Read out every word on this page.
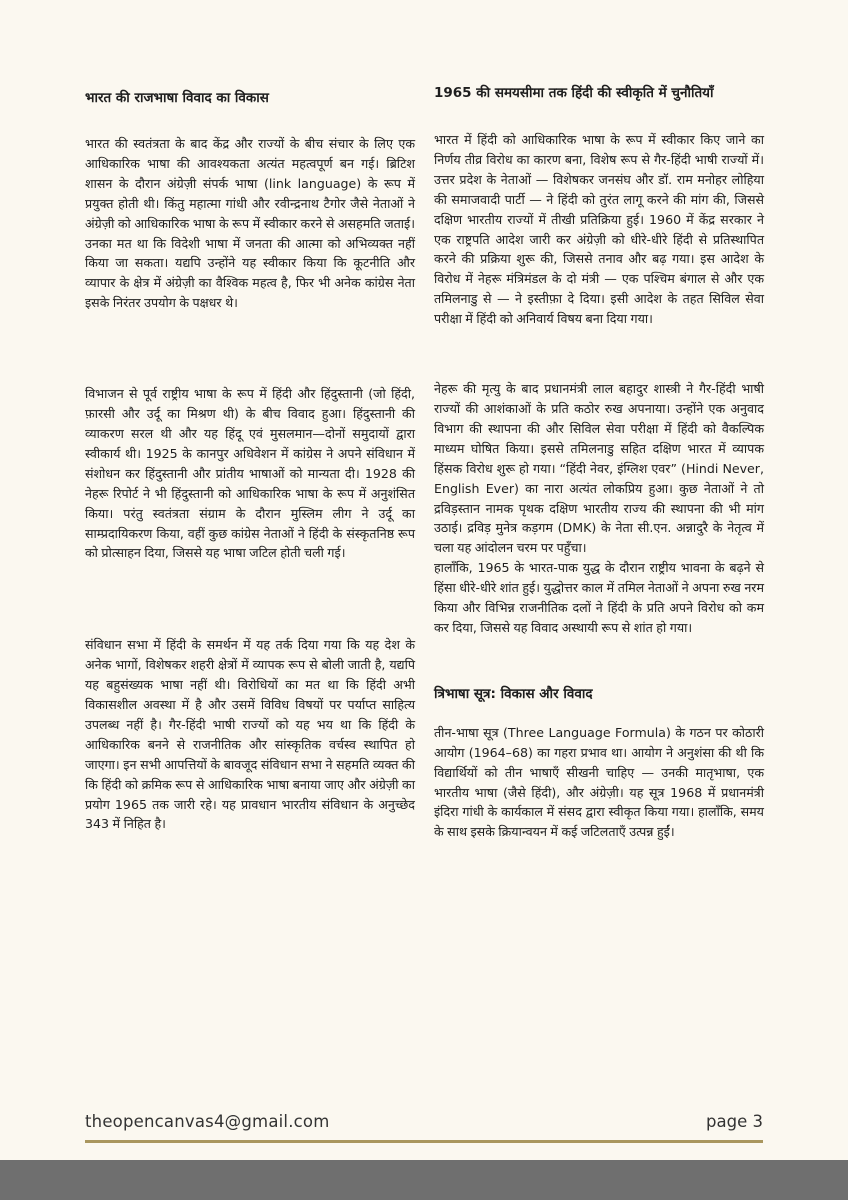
भारत की राजभाषा विवाद का विकास

भारत की स्वतंत्रता के बाद केंद्र और राज्यों के बीच संचार के लिए एक आधिकारिक भाषा की आवश्यकता अत्यंत महत्वपूर्ण बन गई। ब्रिटिश शासन के दौरान अंग्रेज़ी संपर्क भाषा (link language) के रूप में प्रयुक्त होती थी। किंतु महात्मा गांधी और रवीन्द्रनाथ टैगोर जैसे नेताओं ने अंग्रेज़ी को आधिकारिक भाषा के रूप में स्वीकार करने से असहमति जताई। उनका मत था कि विदेशी भाषा में जनता की आत्मा को अभिव्यक्त नहीं किया जा सकता। यद्यपि उन्होंने यह स्वीकार किया कि कूटनीति और व्यापार के क्षेत्र में अंग्रेज़ी का वैश्विक महत्व है, फिर भी अनेक कांग्रेस नेता इसके निरंतर उपयोग के पक्षधर थे।

विभाजन से पूर्व राष्ट्रीय भाषा के रूप में हिंदी और हिंदुस्तानी (जो हिंदी, फ़ारसी और उर्दू का मिश्रण थी) के बीच विवाद हुआ। हिंदुस्तानी की व्याकरण सरल थी और यह हिंदू एवं मुसलमान—दोनों समुदायों द्वारा स्वीकार्य थी। 1925 के कानपुर अधिवेशन में कांग्रेस ने अपने संविधान में संशोधन कर हिंदुस्तानी और प्रांतीय भाषाओं को मान्यता दी। 1928 की नेहरू रिपोर्ट ने भी हिंदुस्तानी को आधिकारिक भाषा के रूप में अनुशंसित किया। परंतु स्वतंत्रता संग्राम के दौरान मुस्लिम लीग ने उर्दू का साम्प्रदायिकरण किया, वहीं कुछ कांग्रेस नेताओं ने हिंदी के संस्कृतनिष्ठ रूप को प्रोत्साहन दिया, जिससे यह भाषा जटिल होती चली गई।

संविधान सभा में हिंदी के समर्थन में यह तर्क दिया गया कि यह देश के अनेक भागों, विशेषकर शहरी क्षेत्रों में व्यापक रूप से बोली जाती है, यद्यपि यह बहुसंख्यक भाषा नहीं थी। विरोधियों का मत था कि हिंदी अभी विकासशील अवस्था में है और उसमें विविध विषयों पर पर्याप्त साहित्य उपलब्ध नहीं है। गैर-हिंदी भाषी राज्यों को यह भय था कि हिंदी के आधिकारिक बनने से राजनीतिक और सांस्कृतिक वर्चस्व स्थापित हो जाएगा। इन सभी आपत्तियों के बावजूद संविधान सभा ने सहमति व्यक्त की कि हिंदी को क्रमिक रूप से आधिकारिक भाषा बनाया जाए और अंग्रेज़ी का प्रयोग 1965 तक जारी रहे। यह प्रावधान भारतीय संविधान के अनुच्छेद 343 में निहित है।

1965 की समयसीमा तक हिंदी की स्वीकृति में चुनौतियाँ

भारत में हिंदी को आधिकारिक भाषा के रूप में स्वीकार किए जाने का निर्णय तीव्र विरोध का कारण बना, विशेष रूप से गैर-हिंदी भाषी राज्यों में। उत्तर प्रदेश के नेताओं — विशेषकर जनसंघ और डॉ. राम मनोहर लोहिया की समाजवादी पार्टी — ने हिंदी को तुरंत लागू करने की मांग की, जिससे दक्षिण भारतीय राज्यों में तीखी प्रतिक्रिया हुई। 1960 में केंद्र सरकार ने एक राष्ट्रपति आदेश जारी कर अंग्रेज़ी को धीरे-धीरे हिंदी से प्रतिस्थापित करने की प्रक्रिया शुरू की, जिससे तनाव और बढ़ गया। इस आदेश के विरोध में नेहरू मंत्रिमंडल के दो मंत्री — एक पश्चिम बंगाल से और एक तमिलनाडु से — ने इस्तीफ़ा दे दिया। इसी आदेश के तहत सिविल सेवा परीक्षा में हिंदी को अनिवार्य विषय बना दिया गया।

नेहरू की मृत्यु के बाद प्रधानमंत्री लाल बहादुर शास्त्री ने गैर-हिंदी भाषी राज्यों की आशंकाओं के प्रति कठोर रुख अपनाया। उन्होंने एक अनुवाद विभाग की स्थापना की और सिविल सेवा परीक्षा में हिंदी को वैकल्पिक माध्यम घोषित किया। इससे तमिलनाडु सहित दक्षिण भारत में व्यापक हिंसक विरोध शुरू हो गया। “हिंदी नेवर, इंग्लिश एवर” (Hindi Never, English Ever) का नारा अत्यंत लोकप्रिय हुआ। कुछ नेताओं ने तो द्रविड़स्तान नामक पृथक दक्षिण भारतीय राज्य की स्थापना की भी मांग उठाई। द्रविड़ मुनेत्र कड़गम (DMK) के नेता सी.एन. अन्नादुरै के नेतृत्व में चला यह आंदोलन चरम पर पहुँचा।

हालाँकि, 1965 के भारत-पाक युद्ध के दौरान राष्ट्रीय भावना के बढ़ने से हिंसा धीरे-धीरे शांत हुई। युद्धोत्तर काल में तमिल नेताओं ने अपना रुख नरम किया और विभिन्न राजनीतिक दलों ने हिंदी के प्रति अपने विरोध को कम कर दिया, जिससे यह विवाद अस्थायी रूप से शांत हो गया।

त्रिभाषा सूत्र: विकास और विवाद

तीन-भाषा सूत्र (Three Language Formula) के गठन पर कोठारी आयोग (1964–68) का गहरा प्रभाव था। आयोग ने अनुशंसा की थी कि विद्यार्थियों को तीन भाषाएँ सीखनी चाहिए — उनकी मातृभाषा, एक भारतीय भाषा (जैसे हिंदी), और अंग्रेज़ी। यह सूत्र 1968 में प्रधानमंत्री इंदिरा गांधी के कार्यकाल में संसद द्वारा स्वीकृत किया गया। हालाँकि, समय के साथ इसके क्रियान्वयन में कई जटिलताएँ उत्पन्न हुईं।

theopencanvas4@gmail.com	page 3
